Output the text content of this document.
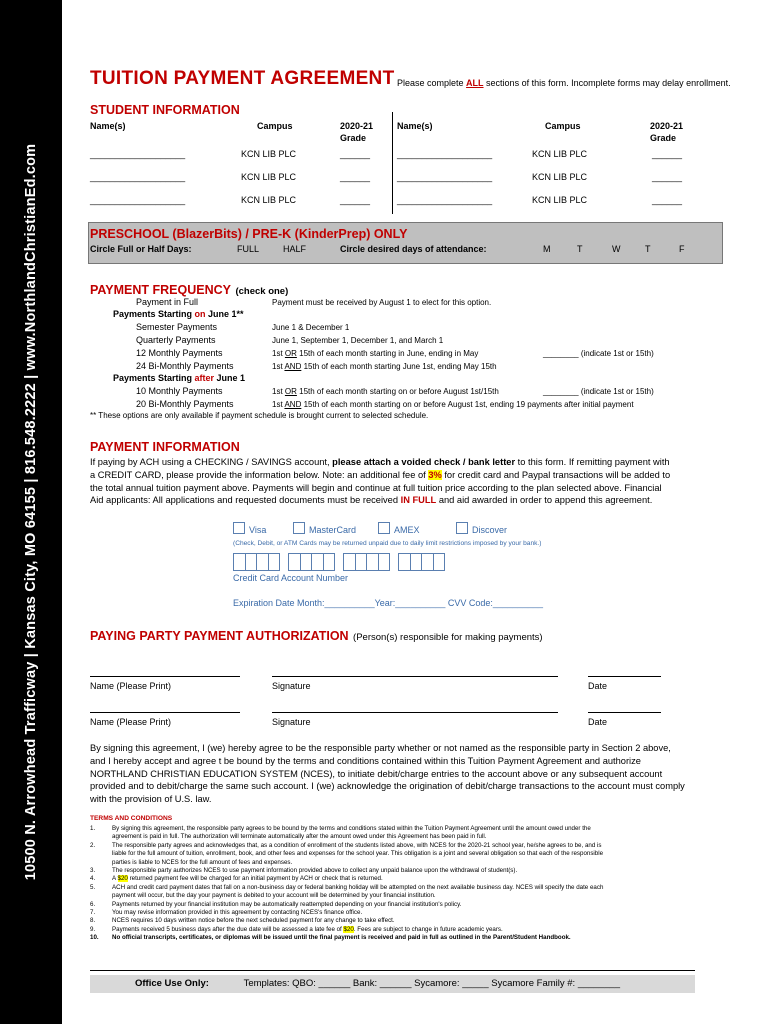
10500 N. Arrowhead Trafficway | Kansas City, MO 64155 | 816.548.2222 | www.NorthlandChristianEd.com
TUITION PAYMENT AGREEMENT Please complete ALL sections of this form. Incomplete forms may delay enrollment.
STUDENT INFORMATION
Name(s)	Campus	2020-21
Grade
Name(s)	Campus	2020-21
Grade
___________________	KCN LIB PLC	______	___________________	KCN LIB PLC	______
___________________	KCN LIB PLC	______	___________________	KCN LIB PLC	______
___________________	KCN LIB PLC	______	___________________	KCN LIB PLC	______
PRESCHOOL (BlazerBits) / PRE-K (KinderPrep) ONLY
Circle Full or Half Days:	FULL	HALF	Circle desired days of attendance:	M	T	W	T	F
PAYMENT FREQUENCY (check one)
Payment in Full	Payment must be received by August 1 to elect for this option.
Payments Starting on June 1**
Semester Payments	June 1 & December 1
Quarterly Payments	June 1, September 1, December 1, and March 1
12 Monthly Payments	1st OR 15th of each month starting in June, ending in May	________ (indicate 1st or 15th)
24 Bi-Monthly Payments	1st AND 15th of each month starting June 1st, ending May 15th
Payments Starting after June 1
10 Monthly Payments	1st OR 15th of each month starting on or before August 1st/15th	________ (indicate 1st or 15th)
20 Bi-Monthly Payments	1st AND 15th of each month starting on or before August 1st, ending 19 payments after initial payment
** These options are only available if payment schedule is brought current to selected schedule.
PAYMENT INFORMATION
If paying by ACH using a CHECKING / SAVINGS account, please attach a voided check / bank letter to this form. If remitting payment with
a CREDIT CARD, please provide the information below. Note: an additional fee of 3% for credit card and Paypal transactions will be added to
the total annual tuition payment above. Payments will begin and continue at full tuition price according to the plan selected above. Financial
Aid applicants: All applications and requested documents must be received IN FULL and aid awarded in order to append this agreement.
Visa	MasterCard	AMEX	Discover
(Check, Debit, or ATM Cards may be returned unpaid due to daily limit restrictions imposed by your bank.)
Credit Card Account Number
Expiration Date Month:__________Year:__________ CVV Code:__________
PAYING PARTY PAYMENT AUTHORIZATION (Person(s) responsible for making payments)
Name (Please Print)	Signature	Date
Name (Please Print)	Signature	Date
By signing this agreement, I (we) hereby agree to be the responsible party whether or not named as the responsible party in Section 2 above,
and I hereby accept and agree t be bound by the terms and conditions contained within this Tuition Payment Agreement and authorize
NORTHLAND CHRISTIAN EDUCATION SYSTEM (NCES), to initiate debit/charge entries to the account above or any subsequent account
provided and to debit/charge the same such account. I (we) acknowledge the origination of debit/charge transactions to the account must comply
with the provision of U.S. law.
TERMS AND CONDITIONS
1.	By signing this agreement, the responsible party agrees to be bound by the terms and conditions stated within the Tuition Payment Agreement until the amount owed under the
agreement is paid in full. The authorization will terminate automatically after the amount owed under this Agreement has been paid in full.
2.	The responsible party agrees and acknowledges that, as a condition of enrollment of the students listed above, with NCES for the 2020-21 school year, he/she agrees to be, and is
liable for the full amount of tuition, enrollment, book, and other fees and expenses for the school year. This obligation is a joint and several obligation so that each of the responsible
parties is liable to NCES for the full amount of fees and expenses.
3.	The responsible party authorizes NCES to use payment information provided above to collect any unpaid balance upon the withdrawal of student(s).
4.	A $20 returned payment fee will be charged for an initial payment by ACH or check that is returned.
5.	ACH and credit card payment dates that fall on a non-business day or federal banking holiday will be attempted on the next available business day. NCES will specify the date each
payment will occur, but the day your payment is debited to your account will be determined by your financial institution.
6.	Payments returned by your financial institution may be automatically reattempted depending on your financial institution's policy.
7.	You may revise information provided in this agreement by contacting NCES's finance office.
8.	NCES requires 10 days written notice before the next scheduled payment for any change to take effect.
9.	Payments received 5 business days after the due date will be assessed a late fee of $20. Fees are subject to change in future academic years.
10.	No official transcripts, certificates, or diplomas will be issued until the final payment is received and paid in full as outlined in the Parent/Student Handbook.
Office Use Only:	Templates: QBO: ______ Bank: ______ Sycamore: _____ Sycamore Family #: ________
